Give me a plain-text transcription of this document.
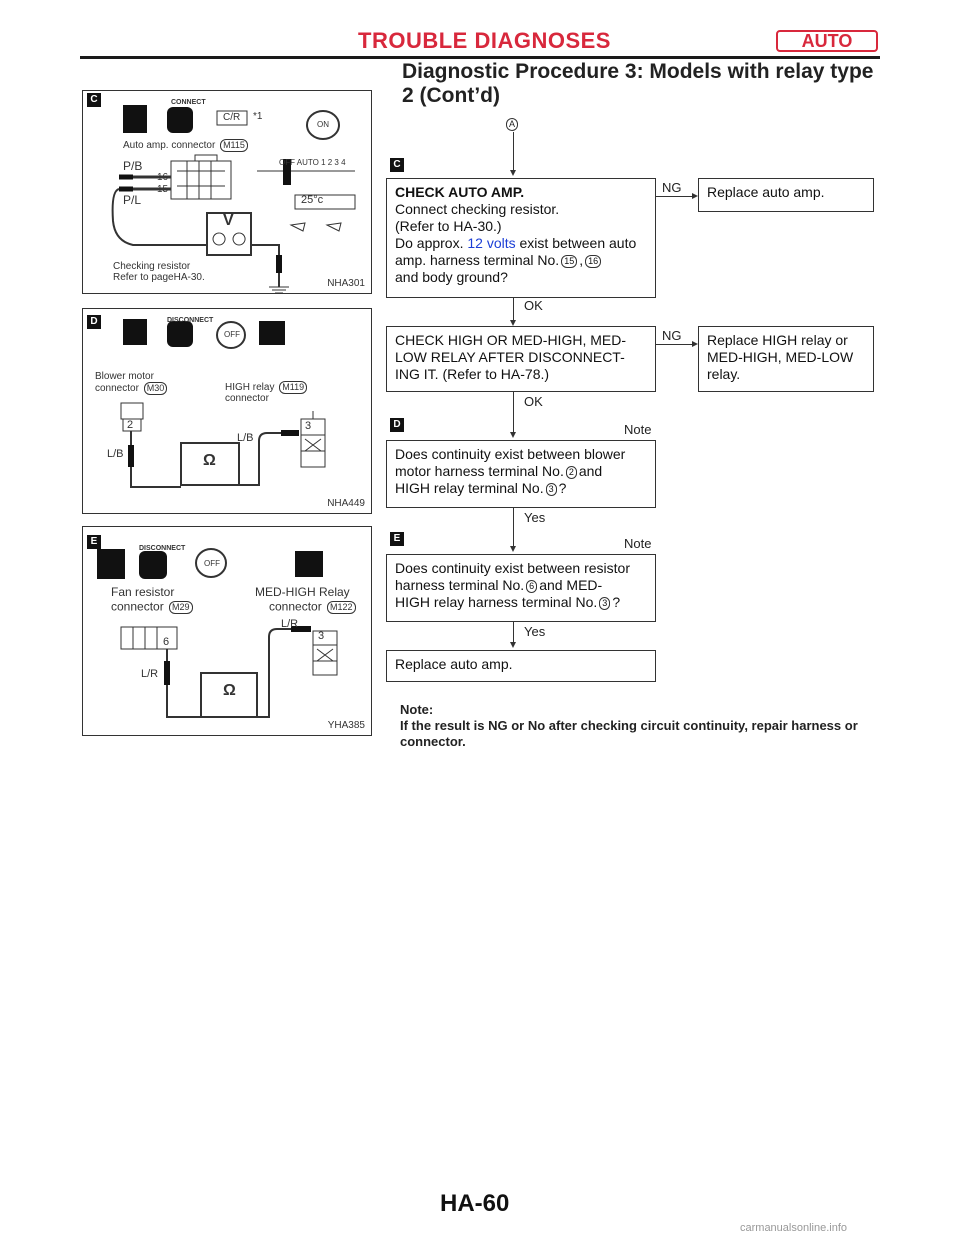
TROUBLE DIAGNOSES	AUTO
Diagnostic Procedure 3: Models with relay type 2 (Cont’d)
C	CONNECT
C/R *1
ON
Auto amp. connector M115
P/B
P/L
16
15
OFF AUTO 1 2 3 4
25°c
V
Checking resistor
Refer to pageHA-30.
NHA301
D	DISCONNECT
OFF
Blower motor
connector M30	HIGH relay M119
connector
2	3
L/B
L/B
Ω
NHA449
E
DISCONNECT
OFF
Fan resistor
connector M29
MED-HIGH Relay
connector M122
6	3
L/R
L/R
Ω
YHA385
A
C
CHECK AUTO AMP.
Connect checking resistor.
(Refer to HA-30.)
Do approx. 12 volts exist between auto
amp. harness terminal No. 15 , 16
and body ground?
NG	Replace auto amp.
OK
CHECK HIGH OR MED-HIGH, MED-
LOW RELAY AFTER DISCONNECT-
ING IT. (Refer to HA-78.)
NG Replace HIGH relay or
MED-HIGH, MED-LOW
relay.
OK
D	Note
Does continuity exist between blower
motor harness terminal No. 2 and
HIGH relay terminal No. 3 ?
Yes
E	Note
Does continuity exist between resistor
harness terminal No. 6 and MED-
HIGH relay harness terminal No. 3 ?
Yes
Replace auto amp.
Note:
If the result is NG or No after checking circuit continuity, repair harness or connector.
HA-60
carmanualsonline.info
